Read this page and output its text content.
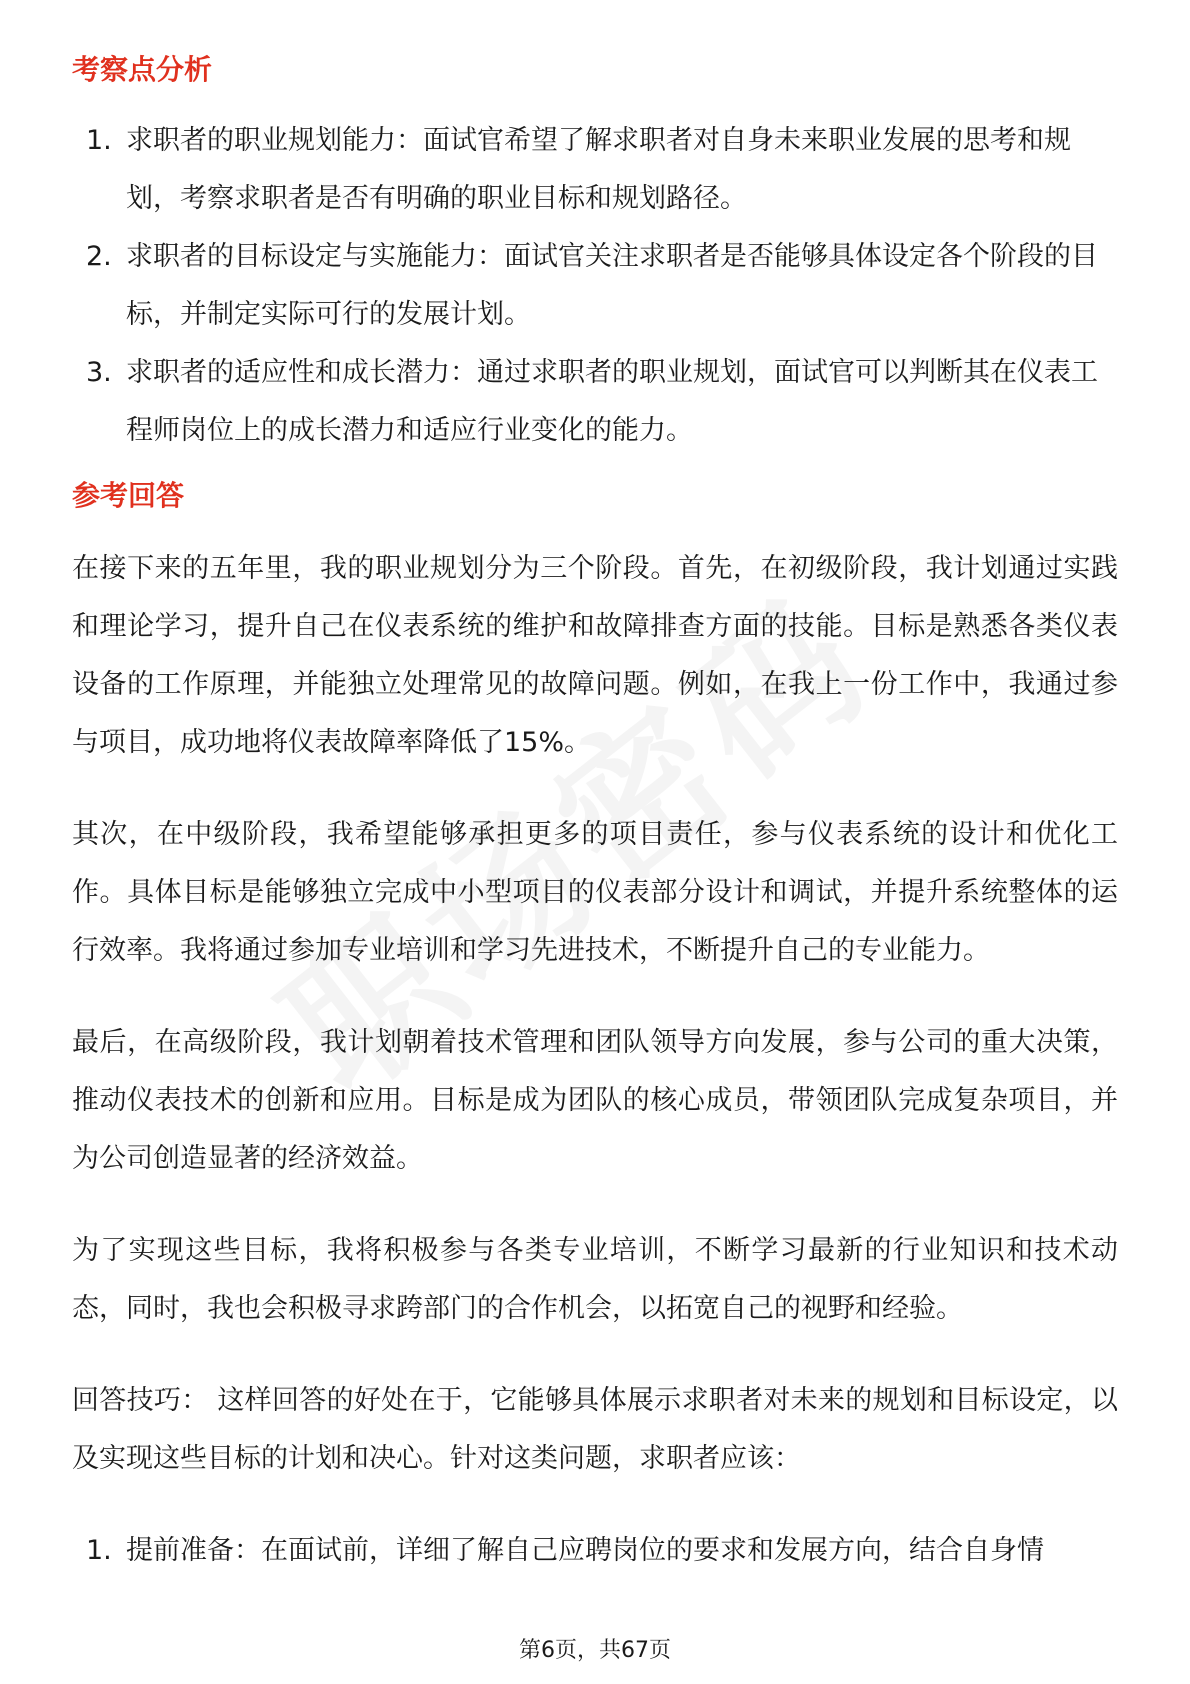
考察点分析
1. 求职者的职业规划能力：面试官希望了解求职者对自身未来职业发展的思考和规划，考察求职者是否有明确的职业目标和规划路径。
2. 求职者的目标设定与实施能力：面试官关注求职者是否能够具体设定各个阶段的目标，并制定实际可行的发展计划。
3. 求职者的适应性和成长潜力：通过求职者的职业规划，面试官可以判断其在仪表工程师岗位上的成长潜力和适应行业变化的能力。
参考回答

在接下来的五年里，我的职业规划分为三个阶段。首先，在初级阶段，我计划通过实践和理论学习，提升自己在仪表系统的维护和故障排查方面的技能。目标是熟悉各类仪表设备的工作原理，并能独立处理常见的故障问题。例如，在我上一份工作中，我通过参与项目，成功地将仪表故障率降低了15%。

其次，在中级阶段，我希望能够承担更多的项目责任，参与仪表系统的设计和优化工作。具体目标是能够独立完成中小型项目的仪表部分设计和调试，并提升系统整体的运行效率。我将通过参加专业培训和学习先进技术，不断提升自己的专业能力。

最后，在高级阶段，我计划朝着技术管理和团队领导方向发展，参与公司的重大决策，推动仪表技术的创新和应用。目标是成为团队的核心成员，带领团队完成复杂项目，并为公司创造显著的经济效益。

为了实现这些目标，我将积极参与各类专业培训，不断学习最新的行业知识和技术动态，同时，我也会积极寻求跨部门的合作机会，以拓宽自己的视野和经验。

回答技巧： 这样回答的好处在于，它能够具体展示求职者对未来的规划和目标设定，以及实现这些目标的计划和决心。针对这类问题，求职者应该：

1. 提前准备：在面试前，详细了解自己应聘岗位的要求和发展方向，结合自身情
第6页，共67页
